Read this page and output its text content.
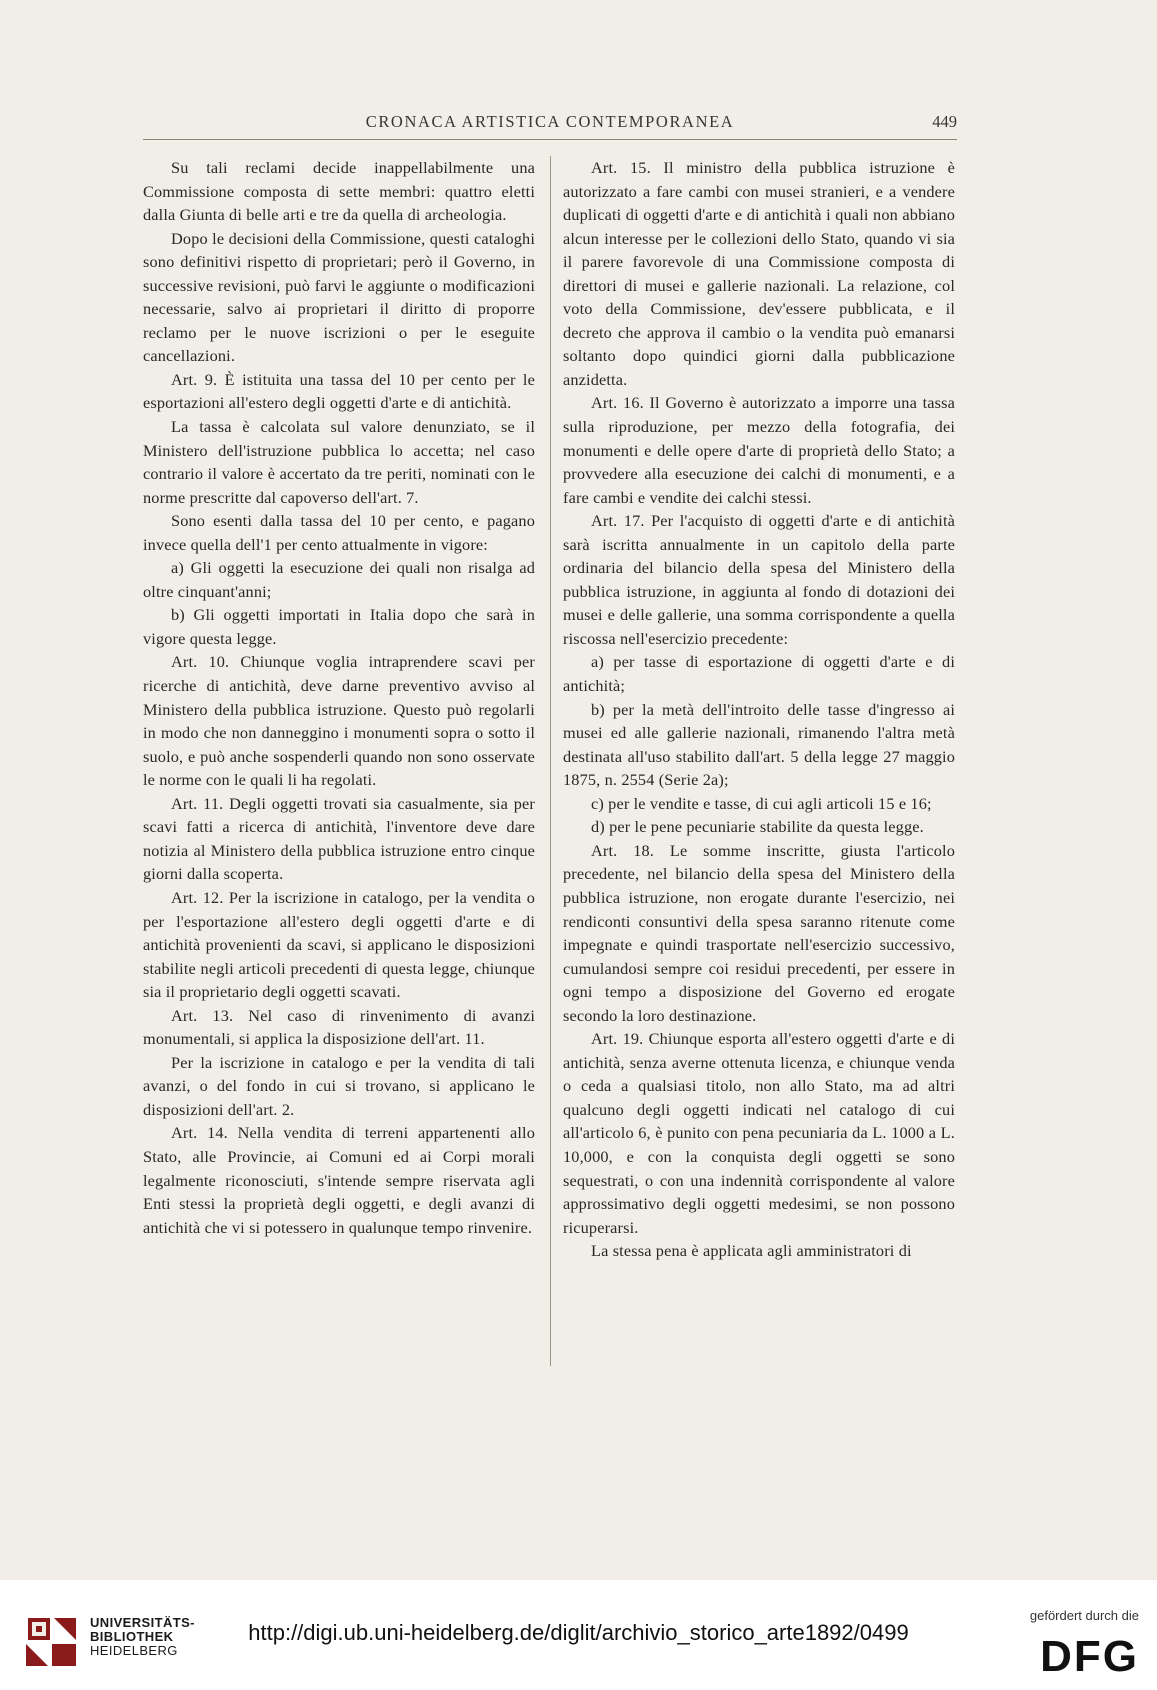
CRONACA ARTISTICA CONTEMPORANEA	449

Su tali reclami decide inappellabilmente una Commissione composta di sette membri: quattro eletti dalla Giunta di belle arti e tre da quella di archeologia.

Dopo le decisioni della Commissione, questi cataloghi sono definitivi rispetto di proprietari; però il Governo, in successive revisioni, può farvi le aggiunte o modificazioni necessarie, salvo ai proprietari il diritto di proporre reclamo per le nuove iscrizioni o per le eseguite cancellazioni.

Art. 9. È istituita una tassa del 10 per cento per le esportazioni all'estero degli oggetti d'arte e di antichità.

La tassa è calcolata sul valore denunziato, se il Ministero dell'istruzione pubblica lo accetta; nel caso contrario il valore è accertato da tre periti, nominati con le norme prescritte dal capoverso dell'art. 7.

Sono esenti dalla tassa del 10 per cento, e pagano invece quella dell'1 per cento attualmente in vigore:

a) Gli oggetti la esecuzione dei quali non risalga ad oltre cinquant'anni;

b) Gli oggetti importati in Italia dopo che sarà in vigore questa legge.

Art. 10. Chiunque voglia intraprendere scavi per ricerche di antichità, deve darne preventivo avviso al Ministero della pubblica istruzione. Questo può regolarli in modo che non danneggino i monumenti sopra o sotto il suolo, e può anche sospenderli quando non sono osservate le norme con le quali li ha regolati.

Art. 11. Degli oggetti trovati sia casualmente, sia per scavi fatti a ricerca di antichità, l'inventore deve dare notizia al Ministero della pubblica istruzione entro cinque giorni dalla scoperta.

Art. 12. Per la iscrizione in catalogo, per la vendita o per l'esportazione all'estero degli oggetti d'arte e di antichità provenienti da scavi, si applicano le disposizioni stabilite negli articoli precedenti di questa legge, chiunque sia il proprietario degli oggetti scavati.

Art. 13. Nel caso di rinvenimento di avanzi monumentali, si applica la disposizione dell'art. 11.

Per la iscrizione in catalogo e per la vendita di tali avanzi, o del fondo in cui si trovano, si applicano le disposizioni dell'art. 2.

Art. 14. Nella vendita di terreni appartenenti allo Stato, alle Provincie, ai Comuni ed ai Corpi morali legalmente riconosciuti, s'intende sempre riservata agli Enti stessi la proprietà degli oggetti, e degli avanzi di antichità che vi si potessero in qualunque tempo rinvenire.

Art. 15. Il ministro della pubblica istruzione è autorizzato a fare cambi con musei stranieri, e a vendere duplicati di oggetti d'arte e di antichità i quali non abbiano alcun interesse per le collezioni dello Stato, quando vi sia il parere favorevole di una Commissione composta di direttori di musei e gallerie nazionali. La relazione, col voto della Commissione, dev'essere pubblicata, e il decreto che approva il cambio o la vendita può emanarsi soltanto dopo quindici giorni dalla pubblicazione anzidetta.

Art. 16. Il Governo è autorizzato a imporre una tassa sulla riproduzione, per mezzo della fotografia, dei monumenti e delle opere d'arte di proprietà dello Stato; a provvedere alla esecuzione dei calchi di monumenti, e a fare cambi e vendite dei calchi stessi.

Art. 17. Per l'acquisto di oggetti d'arte e di antichità sarà iscritta annualmente in un capitolo della parte ordinaria del bilancio della spesa del Ministero della pubblica istruzione, in aggiunta al fondo di dotazioni dei musei e delle gallerie, una somma corrispondente a quella riscossa nell'esercizio precedente:

a) per tasse di esportazione di oggetti d'arte e di antichità;

b) per la metà dell'introito delle tasse d'ingresso ai musei ed alle gallerie nazionali, rimanendo l'altra metà destinata all'uso stabilito dall'art. 5 della legge 27 maggio 1875, n. 2554 (Serie 2a);

c) per le vendite e tasse, di cui agli articoli 15 e 16;

d) per le pene pecuniarie stabilite da questa legge.

Art. 18. Le somme inscritte, giusta l'articolo precedente, nel bilancio della spesa del Ministero della pubblica istruzione, non erogate durante l'esercizio, nei rendiconti consuntivi della spesa saranno ritenute come impegnate e quindi trasportate nell'esercizio successivo, cumulandosi sempre coi residui precedenti, per essere in ogni tempo a disposizione del Governo ed erogate secondo la loro destinazione.

Art. 19. Chiunque esporta all'estero oggetti d'arte e di antichità, senza averne ottenuta licenza, e chiunque venda o ceda a qualsiasi titolo, non allo Stato, ma ad altri qualcuno degli oggetti indicati nel catalogo di cui all'articolo 6, è punito con pena pecuniaria da L. 1000 a L. 10,000, e con la conquista degli oggetti se sono sequestrati, o con una indennità corrispondente al valore approssimativo degli oggetti medesimi, se non possono ricuperarsi.

La stessa pena è applicata agli amministratori di

UNIVERSITÄTS-
BIBLIOTHEK
HEIDELBERG
http://digi.ub.uni-heidelberg.de/diglit/archivio_storico_arte1892/0499
gefördert durch die
DFG
